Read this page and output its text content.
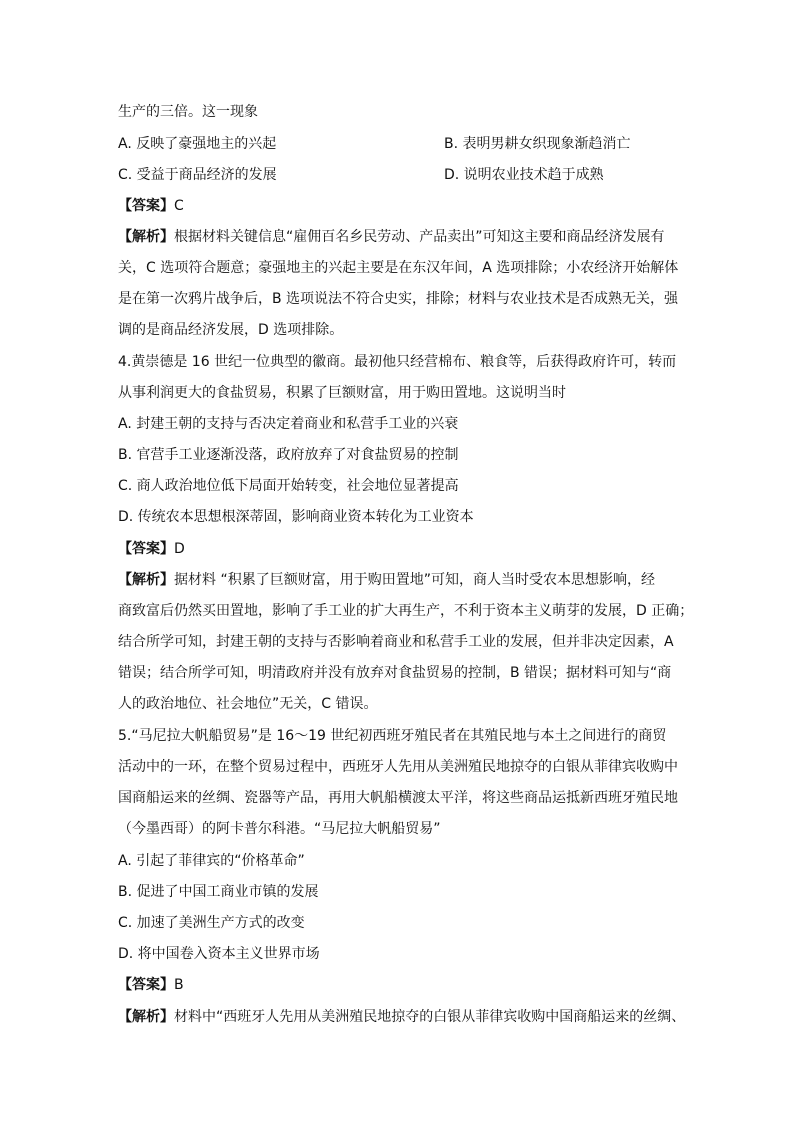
生产的三倍。这一现象
A. 反映了豪强地主的兴起	B. 表明男耕女织现象渐趋消亡
C. 受益于商品经济的发展	D. 说明农业技术趋于成熟
【答案】C
【解析】根据材料关键信息“雇佣百名乡民劳动、产品卖出”可知这主要和商品经济发展有
关，C 选项符合题意；豪强地主的兴起主要是在东汉年间，A 选项排除；小农经济开始解体
是在第一次鸦片战争后，B 选项说法不符合史实，排除；材料与农业技术是否成熟无关，强
调的是商品经济发展，D 选项排除。
4.黄崇德是 16 世纪一位典型的徽商。最初他只经营棉布、粮食等，后获得政府许可，转而
从事利润更大的食盐贸易，积累了巨额财富，用于购田置地。这说明当时
A. 封建王朝的支持与否决定着商业和私营手工业的兴衰
B. 官营手工业逐渐没落，政府放弃了对食盐贸易的控制
C. 商人政治地位低下局面开始转变，社会地位显著提高
D. 传统农本思想根深蒂固，影响商业资本转化为工业资本
【答案】D
【解析】据材料 “积累了巨额财富，用于购田置地”可知，商人当时受农本思想影响，经
商致富后仍然买田置地，影响了手工业的扩大再生产，不利于资本主义萌芽的发展，D 正确；
结合所学可知，封建王朝的支持与否影响着商业和私营手工业的发展，但并非决定因素，A
错误；结合所学可知，明清政府并没有放弃对食盐贸易的控制，B 错误；据材料可知与“商
人的政治地位、社会地位”无关，C 错误。
5.“马尼拉大帆船贸易”是 16～19 世纪初西班牙殖民者在其殖民地与本土之间进行的商贸
活动中的一环，在整个贸易过程中，西班牙人先用从美洲殖民地掠夺的白银从菲律宾收购中
国商船运来的丝绸、瓷器等产品，再用大帆船横渡太平洋，将这些商品运抵新西班牙殖民地
（今墨西哥）的阿卡普尔科港。“马尼拉大帆船贸易”
A. 引起了菲律宾的“价格革命”
B. 促进了中国工商业市镇的发展
C. 加速了美洲生产方式的改变
D. 将中国卷入资本主义世界市场
【答案】B
【解析】材料中“西班牙人先用从美洲殖民地掠夺的白银从菲律宾收购中国商船运来的丝绸、
